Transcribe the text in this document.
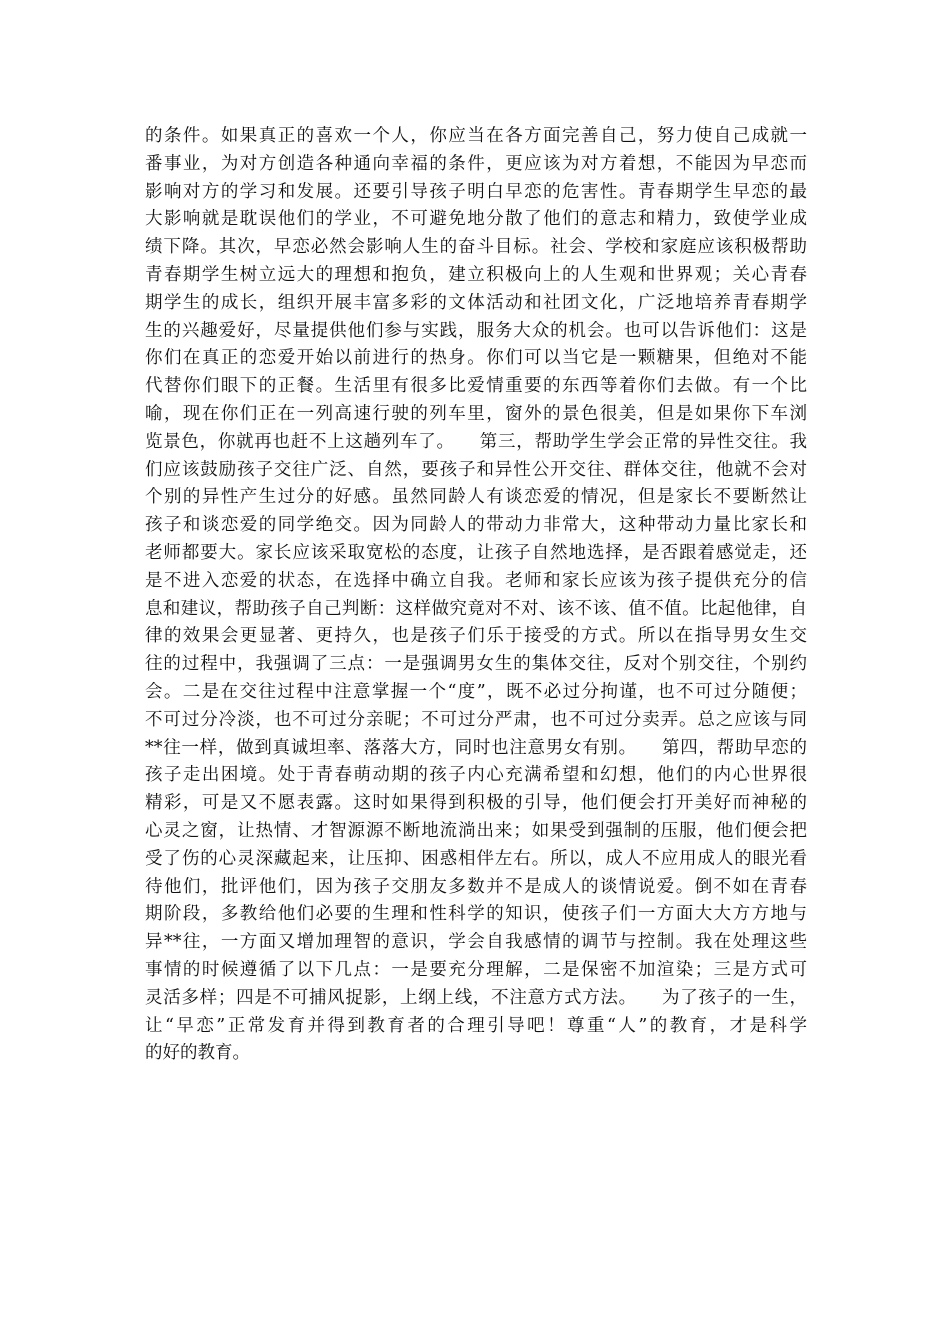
的条件。如果真正的喜欢一个人，你应当在各方面完善自己，努力使自己成就一
番事业，为对方创造各种通向幸福的条件，更应该为对方着想，不能因为早恋而
影响对方的学习和发展。还要引导孩子明白早恋的危害性。青春期学生早恋的最
大影响就是耽误他们的学业，不可避免地分散了他们的意志和精力，致使学业成
绩下降。其次，早恋必然会影响人生的奋斗目标。社会、学校和家庭应该积极帮助
青春期学生树立远大的理想和抱负，建立积极向上的人生观和世界观；关心青春
期学生的成长，组织开展丰富多彩的文体活动和社团文化，广泛地培养青春期学
生的兴趣爱好，尽量提供他们参与实践，服务大众的机会。也可以告诉他们：这是
你们在真正的恋爱开始以前进行的热身。你们可以当它是一颗糖果，但绝对不能
代替你们眼下的正餐。生活里有很多比爱情重要的东西等着你们去做。有一个比
喻，现在你们正在一列高速行驶的列车里，窗外的景色很美，但是如果你下车浏
览景色，你就再也赶不上这趟列车了。    第三，帮助学生学会正常的异性交往。我
们应该鼓励孩子交往广泛、自然，要孩子和异性公开交往、群体交往，他就不会对
个别的异性产生过分的好感。虽然同龄人有谈恋爱的情况，但是家长不要断然让
孩子和谈恋爱的同学绝交。因为同龄人的带动力非常大，这种带动力量比家长和
老师都要大。家长应该采取宽松的态度，让孩子自然地选择，是否跟着感觉走，还
是不进入恋爱的状态，在选择中确立自我。老师和家长应该为孩子提供充分的信
息和建议，帮助孩子自己判断：这样做究竟对不对、该不该、值不值。比起他律，自
律的效果会更显著、更持久，也是孩子们乐于接受的方式。所以在指导男女生交
往的过程中，我强调了三点：一是强调男女生的集体交往，反对个别交往，个别约
会。二是在交往过程中注意掌握一个“度”，既不必过分拘谨，也不可过分随便；
不可过分冷淡，也不可过分亲昵；不可过分严肃，也不可过分卖弄。总之应该与同
**往一样，做到真诚坦率、落落大方，同时也注意男女有别。    第四，帮助早恋的
孩子走出困境。处于青春萌动期的孩子内心充满希望和幻想，他们的内心世界很
精彩，可是又不愿表露。这时如果得到积极的引导，他们便会打开美好而神秘的
心灵之窗，让热情、才智源源不断地流淌出来；如果受到强制的压服，他们便会把
受了伤的心灵深藏起来，让压抑、困惑相伴左右。所以，成人不应用成人的眼光看
待他们，批评他们，因为孩子交朋友多数并不是成人的谈情说爱。倒不如在青春
期阶段，多教给他们必要的生理和性科学的知识，使孩子们一方面大大方方地与
异**往，一方面又增加理智的意识，学会自我感情的调节与控制。我在处理这些
事情的时候遵循了以下几点：一是要充分理解，二是保密不加渲染；三是方式可
灵活多样；四是不可捕风捉影，上纲上线，不注意方式方法。    为了孩子的一生，
让“早恋”正常发育并得到教育者的合理引导吧！尊重“人”的教育，才是科学
的好的教育。
